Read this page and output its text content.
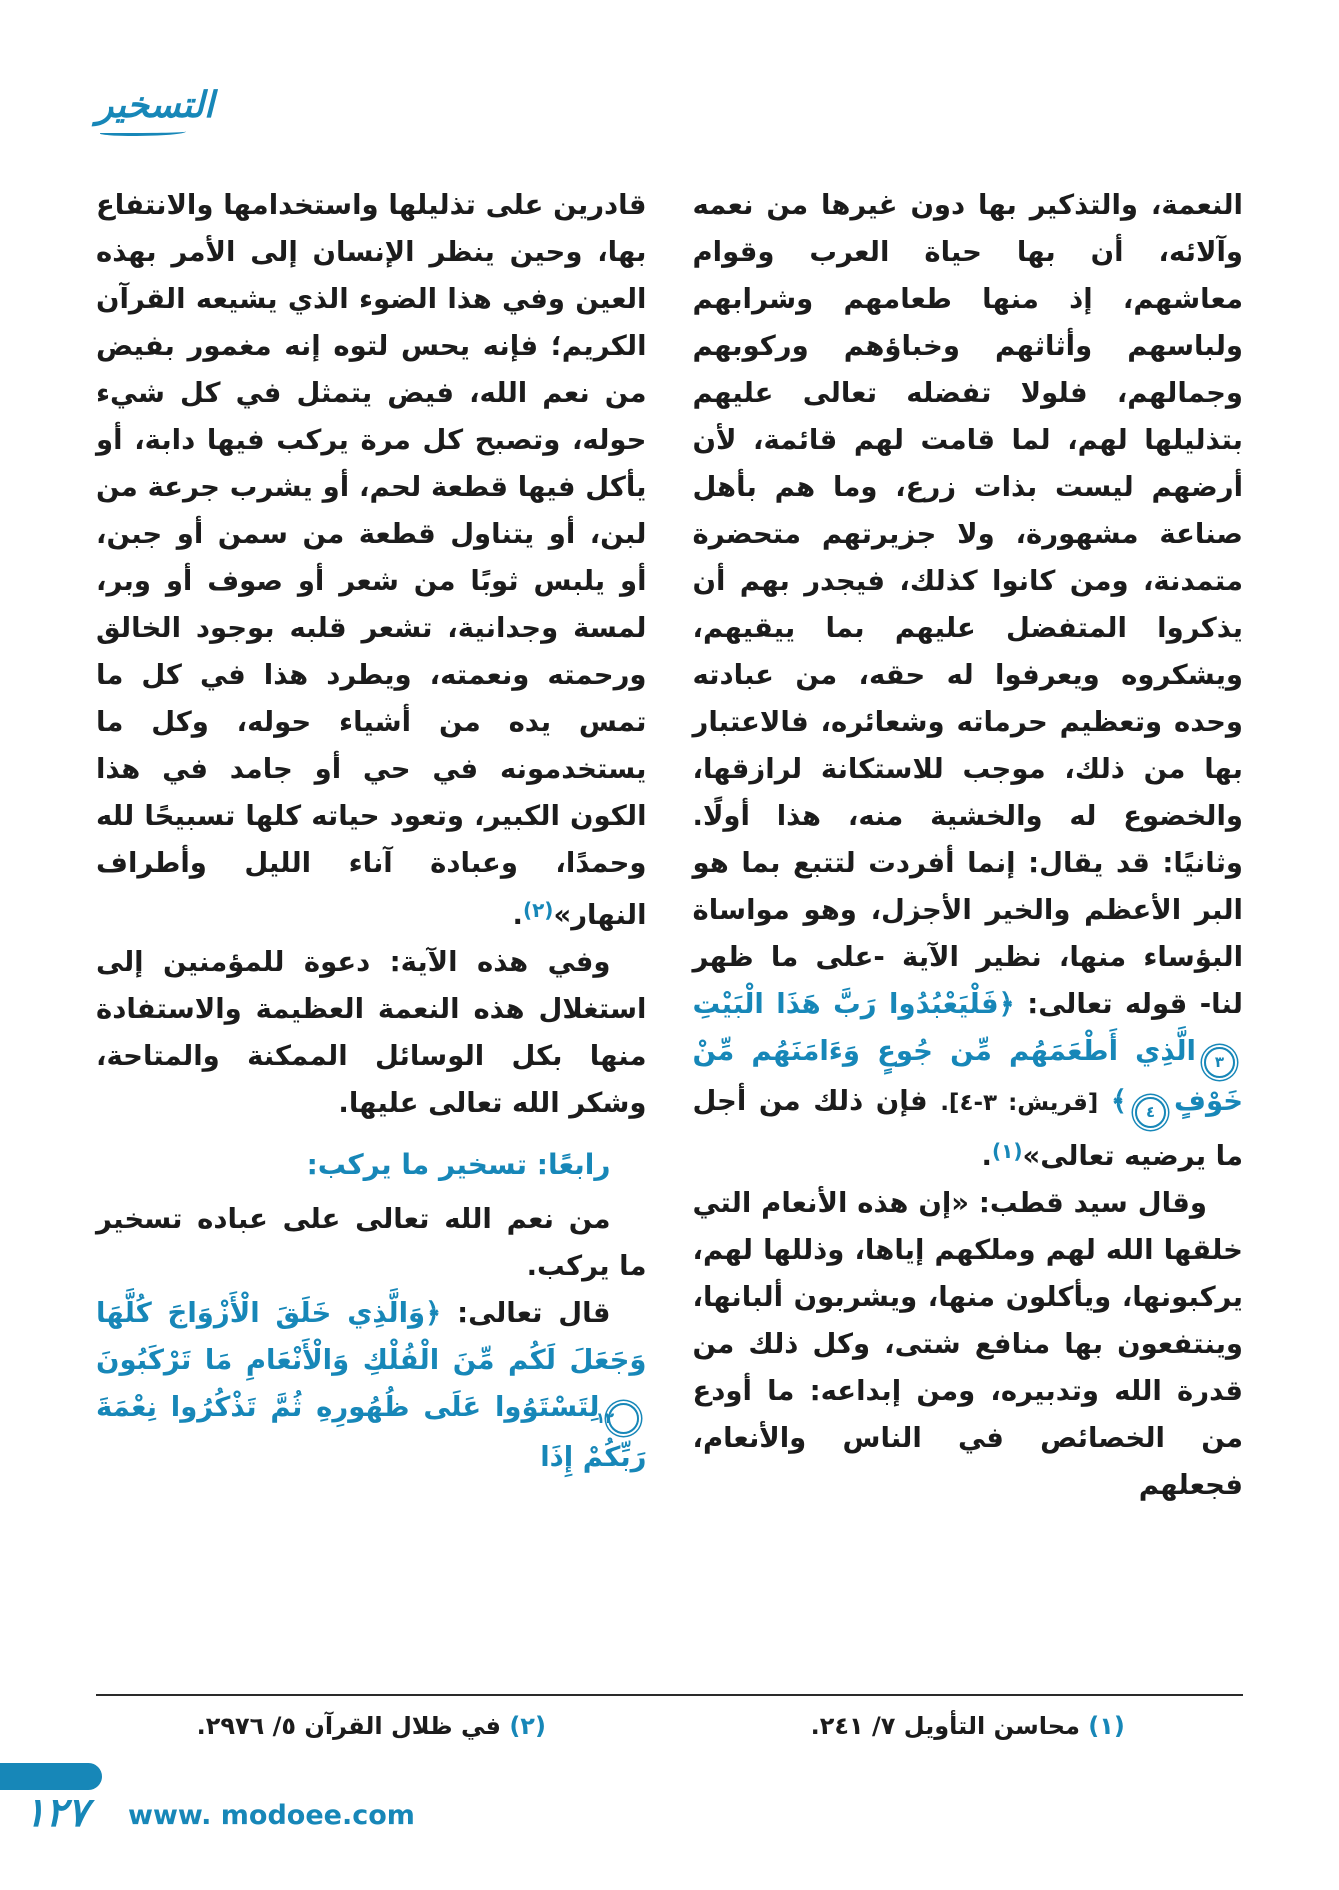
التسخير

النعمة، والتذكير بها دون غيرها من نعمه وآلائه، أن بها حياة العرب وقوام معاشهم، إذ منها طعامهم وشرابهم ولباسهم وأثاثهم وخباؤهم وركوبهم وجمالهم، فلولا تفضله تعالى عليهم بتذليلها لهم، لما قامت لهم قائمة، لأن أرضهم ليست بذات زرع، وما هم بأهل صناعة مشهورة، ولا جزيرتهم متحضرة متمدنة، ومن كانوا كذلك، فيجدر بهم أن يذكروا المتفضل عليهم بما ييقيهم، ويشكروه ويعرفوا له حقه، من عبادته وحده وتعظيم حرماته وشعائره، فالاعتبار بها من ذلك، موجب للاستكانة لرازقها، والخضوع له والخشية منه، هذا أولًا. وثانيًا: قد يقال: إنما أفردت لتتبع بما هو البر الأعظم والخير الأجزل، وهو مواساة البؤساء منها، نظير الآية -على ما ظهر لنا- قوله تعالى: ﴿فَلْيَعْبُدُوا رَبَّ هَذَا الْبَيْتِ٣الَّذِي أَطْعَمَهُم مِّن جُوعٍ وَءَامَنَهُم مِّنْ خَوْفٍ٤﴾ [قريش: ٣-٤]. فإن ذلك من أجل ما يرضيه تعالى»$^{(١)}$.

وقال سيد قطب: «إن هذه الأنعام التي خلقها الله لهم وملكهم إياها، وذللها لهم، يركبونها، ويأكلون منها، ويشربون ألبانها، وينتفعون بها منافع شتى، وكل ذلك من قدرة الله وتدبيره، ومن إبداعه: ما أودع من الخصائص في الناس والأنعام، فجعلهم

قادرين على تذليلها واستخدامها والانتفاع بها، وحين ينظر الإنسان إلى الأمر بهذه العين وفي هذا الضوء الذي يشيعه القرآن الكريم؛ فإنه يحس لتوه إنه مغمور بفيض من نعم الله، فيض يتمثل في كل شيء حوله، وتصبح كل مرة يركب فيها دابة، أو يأكل فيها قطعة لحم، أو يشرب جرعة من لبن، أو يتناول قطعة من سمن أو جبن، أو يلبس ثوبًا من شعر أو صوف أو وبر، لمسة وجدانية، تشعر قلبه بوجود الخالق ورحمته ونعمته، ويطرد هذا في كل ما تمس يده من أشياء حوله، وكل ما يستخدمونه في حي أو جامد في هذا الكون الكبير، وتعود حياته كلها تسبيحًا لله وحمدًا، وعبادة آناء الليل وأطراف النهار»$^{(٢)}$.

وفي هذه الآية: دعوة للمؤمنين إلى استغلال هذه النعمة العظيمة والاستفادة منها بكل الوسائل الممكنة والمتاحة، وشكر الله تعالى عليها.

رابعًا: تسخير ما يركب:

من نعم الله تعالى على عباده تسخير ما يركب.

قال تعالى: ﴿وَالَّذِي خَلَقَ الْأَزْوَاجَ كُلَّهَا وَجَعَلَ لَكُم مِّنَ الْفُلْكِ وَالْأَنْعَامِ مَا تَرْكَبُونَ١٢لِتَسْتَوُوا عَلَى ظُهُورِهِ ثُمَّ تَذْكُرُوا نِعْمَةَ رَبِّكُمْ إِذَا

(١) محاسن التأويل ٧/ ٢٤١.
(٢) في ظلال القرآن ٥/ ٢٩٧٦.
١٢٧ www. modoee.com
